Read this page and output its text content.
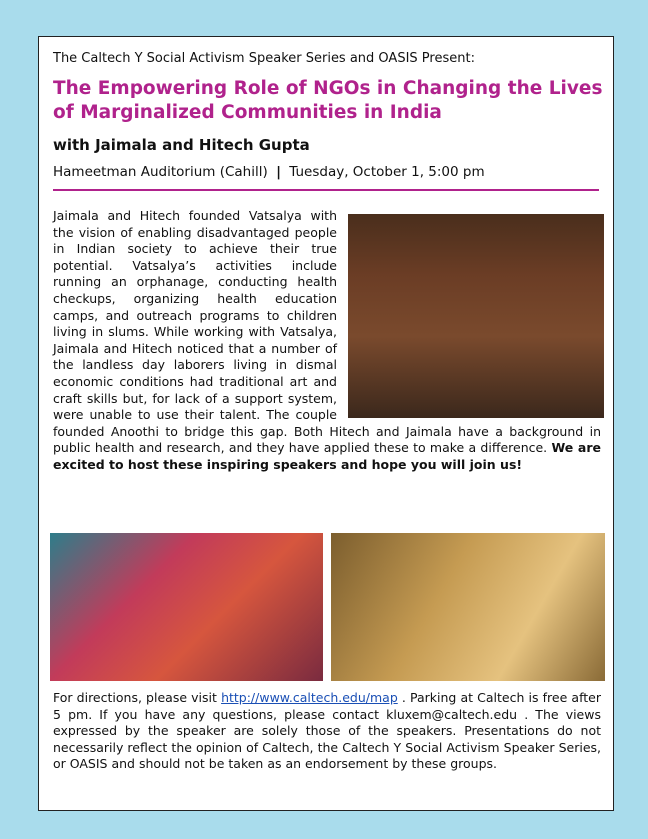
The Caltech Y Social Activism Speaker Series and OASIS Present:
The Empowering Role of NGOs in Changing the Lives of Marginalized Communities in India
with Jaimala and Hitech Gupta
Hameetman Auditorium (Cahill) | Tuesday, October 1, 5:00 pm

Jaimala and Hitech founded Vatsalya with the vision of enabling disadvantaged people in Indian society to achieve their true potential. Vatsalya’s activities include running an orphanage, conducting health checkups, organizing health education camps, and outreach programs to children living in slums. While working with Vatsalya, Jaimala and Hitech noticed that a number of the landless day laborers living in dismal economic conditions had traditional art and craft skills but, for lack of a support system, were unable to use their talent. The couple founded Anoothi to bridge this gap. Both Hitech and Jaimala have a background in public health and research, and they have applied these to make a difference. We are excited to host these inspiring speakers and hope you will join us!

For directions, please visit http://www.caltech.edu/map . Parking at Caltech is free after 5 pm. If you have any questions, please contact kluxem@caltech.edu . The views expressed by the speaker are solely those of the speakers. Presentations do not necessarily reflect the opinion of Caltech, the Caltech Y Social Activism Speaker Series, or OASIS and should not be taken as an endorsement by these groups.
